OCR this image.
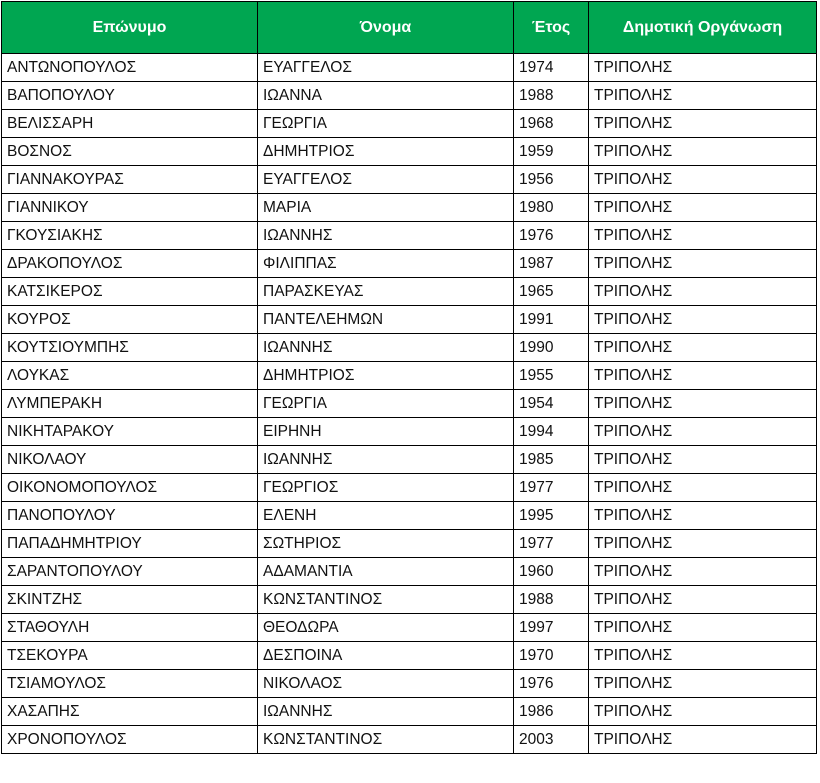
Επώνυμο	Όνομα	Έτος	Δημοτική Οργάνωση
ΑΝΤΩΝΟΠΟΥΛΟΣ	ΕΥΑΓΓΕΛΟΣ	1974	ΤΡΙΠΟΛΗΣ
ΒΑΠΟΠΟΥΛΟΥ	ΙΩΑΝΝΑ	1988	ΤΡΙΠΟΛΗΣ
ΒΕΛΙΣΣΑΡΗ	ΓΕΩΡΓΙΑ	1968	ΤΡΙΠΟΛΗΣ
ΒΟΣΝΟΣ	ΔΗΜΗΤΡΙΟΣ	1959	ΤΡΙΠΟΛΗΣ
ΓΙΑΝΝΑΚΟΥΡΑΣ	ΕΥΑΓΓΕΛΟΣ	1956	ΤΡΙΠΟΛΗΣ
ΓΙΑΝΝΙΚΟΥ	ΜΑΡΙΑ	1980	ΤΡΙΠΟΛΗΣ
ΓΚΟΥΣΙΑΚΗΣ	ΙΩΑΝΝΗΣ	1976	ΤΡΙΠΟΛΗΣ
ΔΡΑΚΟΠΟΥΛΟΣ	ΦΙΛΙΠΠΑΣ	1987	ΤΡΙΠΟΛΗΣ
ΚΑΤΣΙΚΕΡΟΣ	ΠΑΡΑΣΚΕΥΑΣ	1965	ΤΡΙΠΟΛΗΣ
ΚΟΥΡΟΣ	ΠΑΝΤΕΛΕΗΜΩΝ	1991	ΤΡΙΠΟΛΗΣ
ΚΟΥΤΣΙΟΥΜΠΗΣ	ΙΩΑΝΝΗΣ	1990	ΤΡΙΠΟΛΗΣ
ΛΟΥΚΑΣ	ΔΗΜΗΤΡΙΟΣ	1955	ΤΡΙΠΟΛΗΣ
ΛΥΜΠΕΡΑΚΗ	ΓΕΩΡΓΙΑ	1954	ΤΡΙΠΟΛΗΣ
ΝΙΚΗΤΑΡΑΚΟΥ	ΕΙΡΗΝΗ	1994	ΤΡΙΠΟΛΗΣ
ΝΙΚΟΛΑΟΥ	ΙΩΑΝΝΗΣ	1985	ΤΡΙΠΟΛΗΣ
ΟΙΚΟΝΟΜΟΠΟΥΛΟΣ	ΓΕΩΡΓΙΟΣ	1977	ΤΡΙΠΟΛΗΣ
ΠΑΝΟΠΟΥΛΟΥ	ΕΛΕΝΗ	1995	ΤΡΙΠΟΛΗΣ
ΠΑΠΑΔΗΜΗΤΡΙΟΥ	ΣΩΤΗΡΙΟΣ	1977	ΤΡΙΠΟΛΗΣ
ΣΑΡΑΝΤΟΠΟΥΛΟΥ	ΑΔΑΜΑΝΤΙΑ	1960	ΤΡΙΠΟΛΗΣ
ΣΚΙΝΤΖΗΣ	ΚΩΝΣΤΑΝΤΙΝΟΣ	1988	ΤΡΙΠΟΛΗΣ
ΣΤΑΘΟΥΛΗ	ΘΕΟΔΩΡΑ	1997	ΤΡΙΠΟΛΗΣ
ΤΣΕΚΟΥΡΑ	ΔΕΣΠΟΙΝΑ	1970	ΤΡΙΠΟΛΗΣ
ΤΣΙΑΜΟΥΛΟΣ	ΝΙΚΟΛΑΟΣ	1976	ΤΡΙΠΟΛΗΣ
ΧΑΣΑΠΗΣ	ΙΩΑΝΝΗΣ	1986	ΤΡΙΠΟΛΗΣ
ΧΡΟΝΟΠΟΥΛΟΣ	ΚΩΝΣΤΑΝΤΙΝΟΣ	2003	ΤΡΙΠΟΛΗΣ
